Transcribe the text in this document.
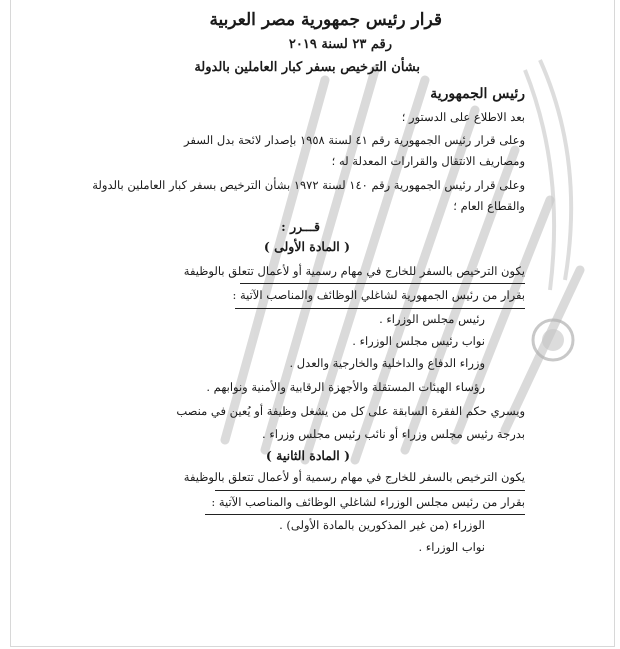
قرار رئيس جمهورية مصر العربية
رقم ٢٣ لسنة ٢٠١٩
بشأن الترخيص بسفر كبار العاملين بالدولة
رئيس الجمهورية
بعد الاطلاع على الدستور ؛
وعلى قرار رئيس الجمهورية رقم ٤١ لسنة ١٩٥٨ بإصدار لائحة بدل السفر
ومصاريف الانتقال والقرارات المعدلة له ؛
وعلى قرار رئيس الجمهورية رقم ١٤٠ لسنة ١٩٧٢ بشأن الترخيص بسفر كبار العاملين بالدولة
والقطاع العام ؛
قـــرر :
( المادة الأولى )
يكون الترخيص بالسفر للخارج في مهام رسمية أو لأعمال تتعلق بالوظيفة
بقرار من رئيس الجمهورية لشاغلي الوظائف والمناصب الآتية :
رئيس مجلس الوزراء .
نواب رئيس مجلس الوزراء .
وزراء الدفاع والداخلية والخارجية والعدل .
رؤساء الهيئات المستقلة والأجهزة الرقابية والأمنية ونوابهم .
ويسري حكم الفقرة السابقة على كل من يشغل وظيفة أو يُعين في منصب
بدرجة رئيس مجلس وزراء أو نائب رئيس مجلس وزراء .
( المادة الثانية )
يكون الترخيص بالسفر للخارج في مهام رسمية أو لأعمال تتعلق بالوظيفة
بقرار من رئيس مجلس الوزراء لشاغلي الوظائف والمناصب الآتية :
الوزراء (من غير المذكورين بالمادة الأولى) .
نواب الوزراء .
